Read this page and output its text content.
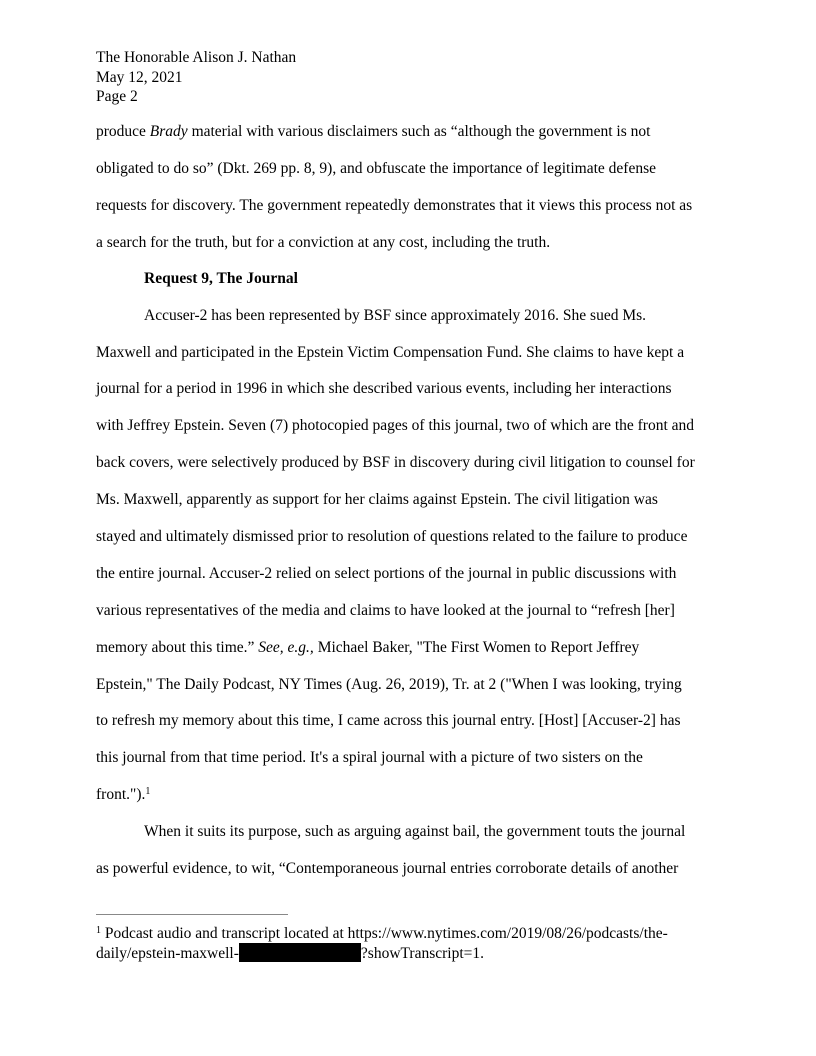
The Honorable Alison J. Nathan
May 12, 2021
Page 2
produce Brady material with various disclaimers such as “although the government is not
obligated to do so” (Dkt. 269 pp. 8, 9), and obfuscate the importance of legitimate defense
requests for discovery. The government repeatedly demonstrates that it views this process not as
a search for the truth, but for a conviction at any cost, including the truth.
Request 9, The Journal
Accuser-2 has been represented by BSF since approximately 2016. She sued Ms.
Maxwell and participated in the Epstein Victim Compensation Fund. She claims to have kept a
journal for a period in 1996 in which she described various events, including her interactions
with Jeffrey Epstein. Seven (7) photocopied pages of this journal, two of which are the front and
back covers, were selectively produced by BSF in discovery during civil litigation to counsel for
Ms. Maxwell, apparently as support for her claims against Epstein. The civil litigation was
stayed and ultimately dismissed prior to resolution of questions related to the failure to produce
the entire journal. Accuser-2 relied on select portions of the journal in public discussions with
various representatives of the media and claims to have looked at the journal to “refresh [her]
memory about this time.” See, e.g., Michael Baker, "The First Women to Report Jeffrey
Epstein," The Daily Podcast, NY Times (Aug. 26, 2019), Tr. at 2 ("When I was looking, trying
to refresh my memory about this time, I came across this journal entry. [Host] [Accuser-2] has
this journal from that time period. It's a spiral journal with a picture of two sisters on the
front.").$^1$
When it suits its purpose, such as arguing against bail, the government touts the journal
as powerful evidence, to wit, “Contemporaneous journal entries corroborate details of another
$^1$ Podcast audio and transcript located at https://www.nytimes.com/2019/08/26/podcasts/the-
daily/epstein-maxwell-	?showTranscript=1.
